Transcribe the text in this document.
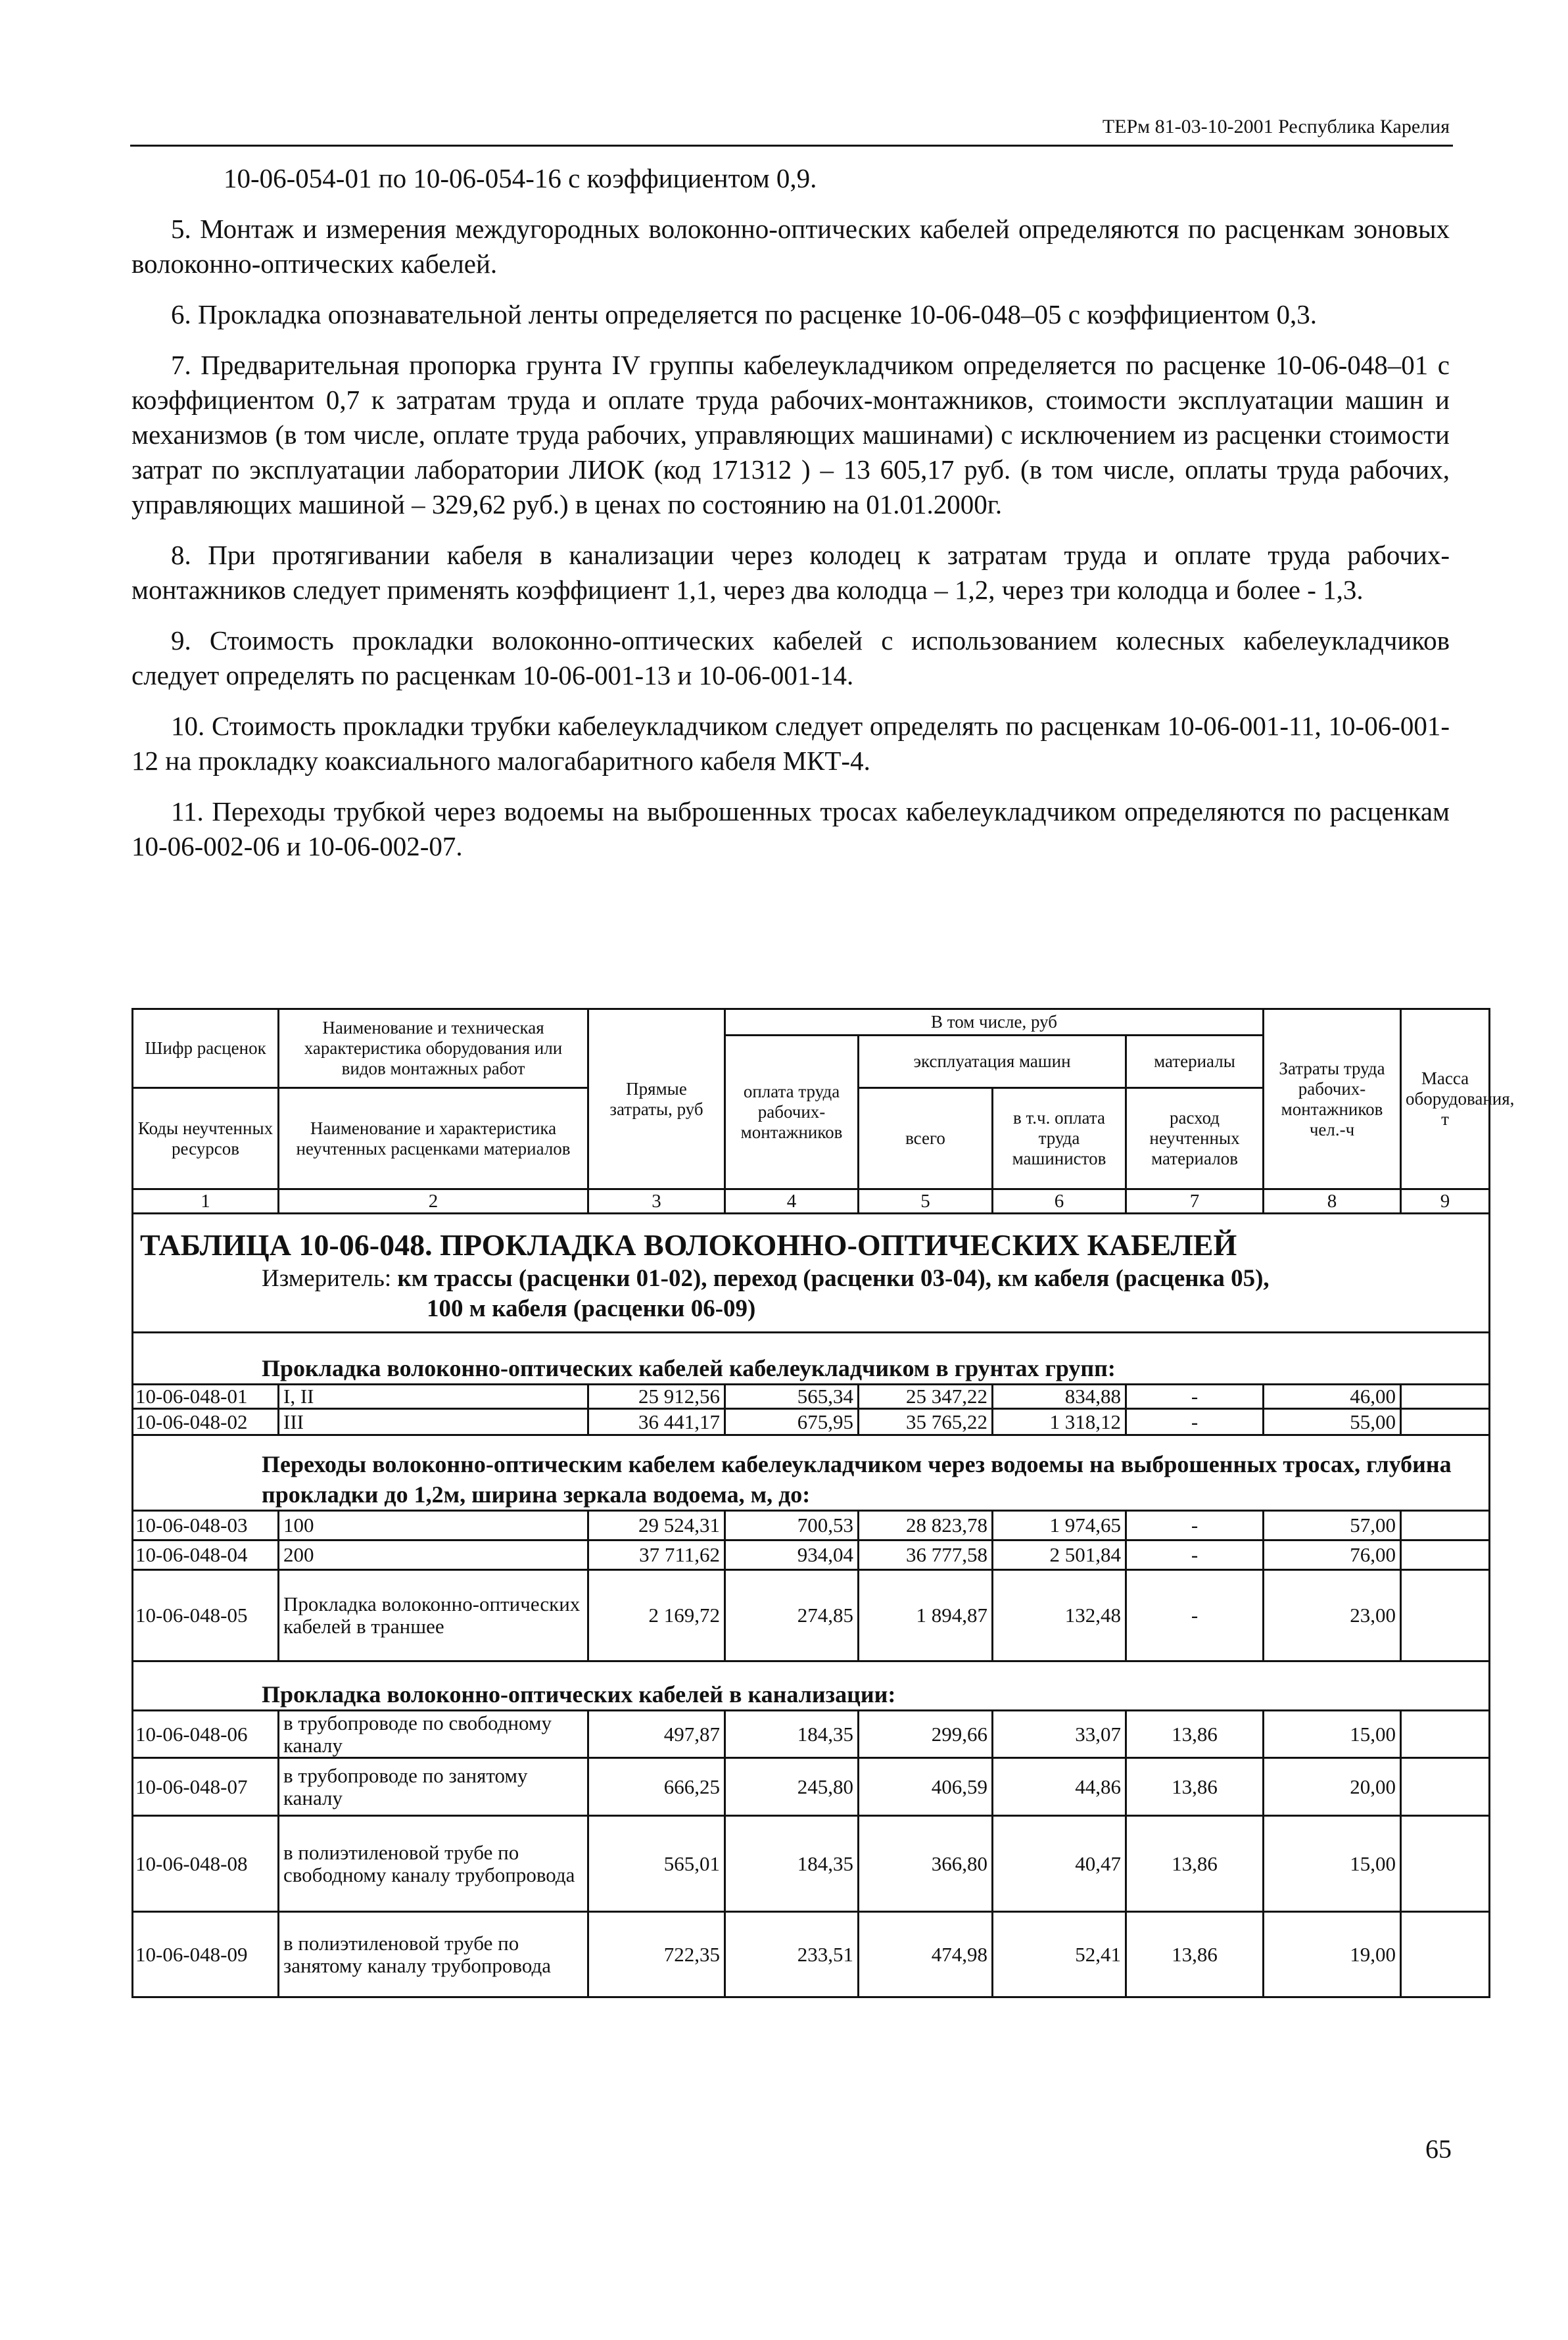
ТЕРм 81-03-10-2001 Республика Карелия

10-06-054-01 по 10-06-054-16 с коэффициентом 0,9.

5. Монтаж и измерения междугородных волоконно-оптических кабелей определяются по расценкам зоновых волоконно-оптических кабелей.

6. Прокладка опознавательной ленты определяется по расценке 10-06-048–05 с коэффициентом 0,3.

7. Предварительная пропорка грунта IV группы кабелеукладчиком определяется по расценке 10-06-048–01 с коэффициентом 0,7 к затратам труда и оплате труда рабочих-монтажников, стоимости эксплуатации машин и механизмов (в том числе, оплате труда рабочих, управляющих машинами) с исключением из расценки стоимости затрат по эксплуатации лаборатории ЛИОК (код 171312 ) – 13 605,17 руб. (в том числе, оплаты труда рабочих, управляющих машиной – 329,62 руб.) в ценах по состоянию на 01.01.2000г.

8. При протягивании кабеля в канализации через колодец к затратам труда и оплате труда рабочих-монтажников следует применять коэффициент 1,1, через два колодца – 1,2, через три колодца и более - 1,3.

9. Стоимость прокладки волоконно-оптических кабелей с использованием колесных кабелеукладчиков следует определять по расценкам 10-06-001-13 и 10-06-001-14.

10. Стоимость прокладки трубки кабелеукладчиком следует определять по расценкам 10-06-001-11, 10-06-001-12 на прокладку коаксиального малогабаритного кабеля МКТ-4.

11. Переходы трубкой через водоемы на выброшенных тросах кабелеукладчиком определяются по расценкам 10-06-002-06 и 10-06-002-07.

Шифр расценок	Наименование и техническая характеристика оборудования или видов монтажных работ	Прямые затраты, руб	В том числе, руб				Затраты труда рабочих-монтажников чел.-ч	Масса оборудования, т
			оплата труда рабочих-монтажников	эксплуатация машин		материалы		
Коды неучтенных ресурсов	Наименование и характеристика неучтенных расценками материалов			всего	в т.ч. оплата труда машинистов	расход неучтенных материалов		

1	2	3	4	5	6	7	8	9

ТАБЛИЦА 10-06-048. ПРОКЛАДКА ВОЛОКОННО-ОПТИЧЕСКИХ КАБЕЛЕЙ
Измеритель: км трассы (расценки 01-02), переход (расценки 03-04), км кабеля (расценка 05),
100 м кабеля (расценки 06-09)								

Прокладка волоконно-оптических кабелей кабелеукладчиком в грунтах групп:								

10-06-048-01	I, II	25 912,56	565,34	25 347,22	834,88	-	46,00	
10-06-048-02	III	36 441,17	675,95	35 765,22	1 318,12	-	55,00	

Переходы волоконно-оптическим кабелем кабелеукладчиком через водоемы на выброшенных тросах, глубина прокладки до 1,2м, ширина зеркала водоема, м, до:								

10-06-048-03	100	29 524,31	700,53	28 823,78	1 974,65	-	57,00	
10-06-048-04	200	37 711,62	934,04	36 777,58	2 501,84	-	76,00	
10-06-048-05	Прокладка волоконно-оптических кабелей в траншее	2 169,72	274,85	1 894,87	132,48	-	23,00	

Прокладка волоконно-оптических кабелей в канализации:								

10-06-048-06	в трубопроводе по свободному каналу	497,87	184,35	299,66	33,07	13,86	15,00	
10-06-048-07	в трубопроводе по занятому каналу	666,25	245,80	406,59	44,86	13,86	20,00	
10-06-048-08	в полиэтиленовой трубе по свободному каналу трубопровода	565,01	184,35	366,80	40,47	13,86	15,00	
10-06-048-09	в полиэтиленовой трубе по занятому каналу трубопровода	722,35	233,51	474,98	52,41	13,86	19,00	
65
